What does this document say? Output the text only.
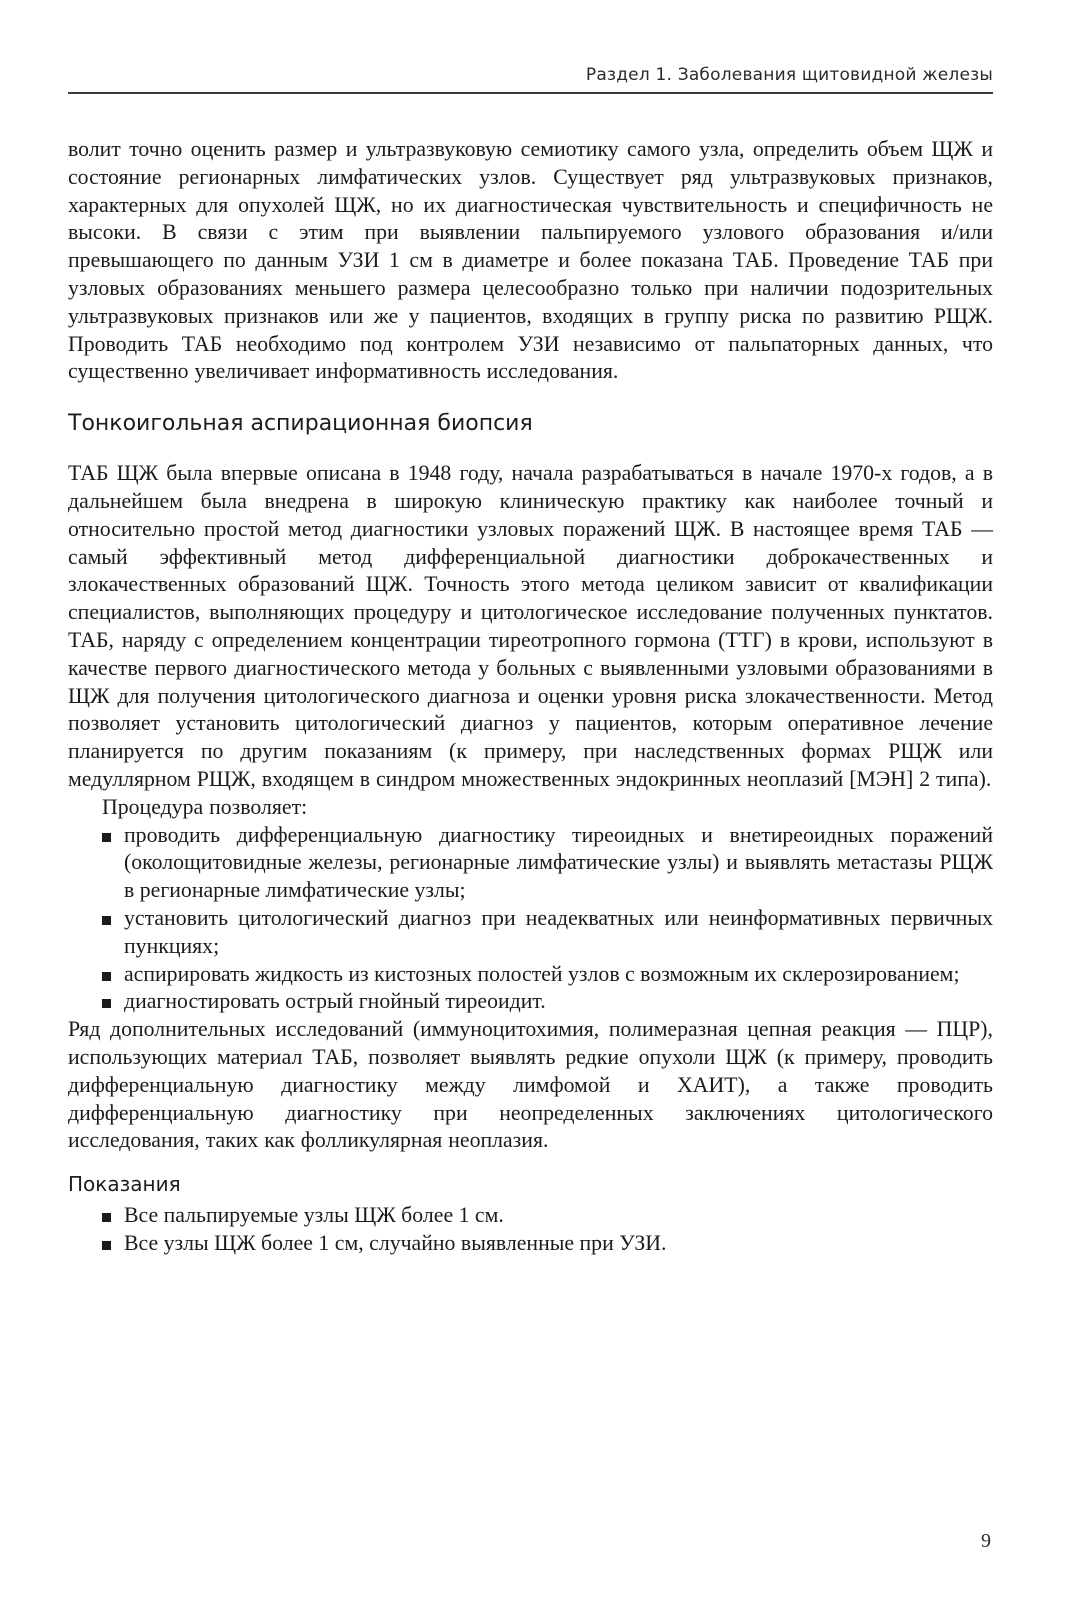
Раздел 1. Заболевания щитовидной железы

волит точно оценить размер и ультразвуковую семиотику самого узла, определить объем ЩЖ и состояние регионарных лимфатических узлов. Существует ряд ультразвуковых признаков, характерных для опухолей ЩЖ, но их диагностическая чувствительность и специфичность не высоки. В связи с этим при выявлении пальпируемого узлового образования и/или превышающего по данным УЗИ 1 см в диаметре и более показана ТАБ. Проведение ТАБ при узловых образованиях меньшего размера целесообразно только при наличии подозрительных ультразвуковых признаков или же у пациентов, входящих в группу риска по развитию РЩЖ. Проводить ТАБ необходимо под контролем УЗИ независимо от пальпаторных данных, что существенно увеличивает информативность исследования.

Тонкоигольная аспирационная биопсия

ТАБ ЩЖ была впервые описана в 1948 году, начала разрабатываться в начале 1970-х годов, а в дальнейшем была внедрена в широкую клиническую практику как наиболее точный и относительно простой метод диагностики узловых поражений ЩЖ. В настоящее время ТАБ — самый эффективный метод дифференциальной диагностики доброкачественных и злокачественных образований ЩЖ. Точность этого метода целиком зависит от квалификации специалистов, выполняющих процедуру и цитологическое исследование полученных пунктатов. ТАБ, наряду с определением концентрации тиреотропного гормона (ТТГ) в крови, используют в качестве первого диагностического метода у больных с выявленными узловыми образованиями в ЩЖ для получения цитологического диагноза и оценки уровня риска злокачественности. Метод позволяет установить цитологический диагноз у пациентов, которым оперативное лечение планируется по другим показаниям (к примеру, при наследственных формах РЩЖ или медуллярном РЩЖ, входящем в синдром множественных эндокринных неоплазий [МЭН] 2 типа).

Процедура позволяет:

проводить дифференциальную диагностику тиреоидных и внетиреоидных поражений (околощитовидные железы, регионарные лимфатические узлы) и выявлять метастазы РЩЖ в регионарные лимфатические узлы;
установить цитологический диагноз при неадекватных или неинформативных первичных пункциях;
аспирировать жидкость из кистозных полостей узлов с возможным их склерозированием;
диагностировать острый гнойный тиреоидит.

Ряд дополнительных исследований (иммуноцитохимия, полимеразная цепная реакция — ПЦР), использующих материал ТАБ, позволяет выявлять редкие опухоли ЩЖ (к примеру, проводить дифференциальную диагностику между лимфомой и ХАИТ), а также проводить дифференциальную диагностику при неопределенных заключениях цитологического исследования, таких как фолликулярная неоплазия.

Показания
Все пальпируемые узлы ЩЖ более 1 см.
Все узлы ЩЖ более 1 см, случайно выявленные при УЗИ.
9
